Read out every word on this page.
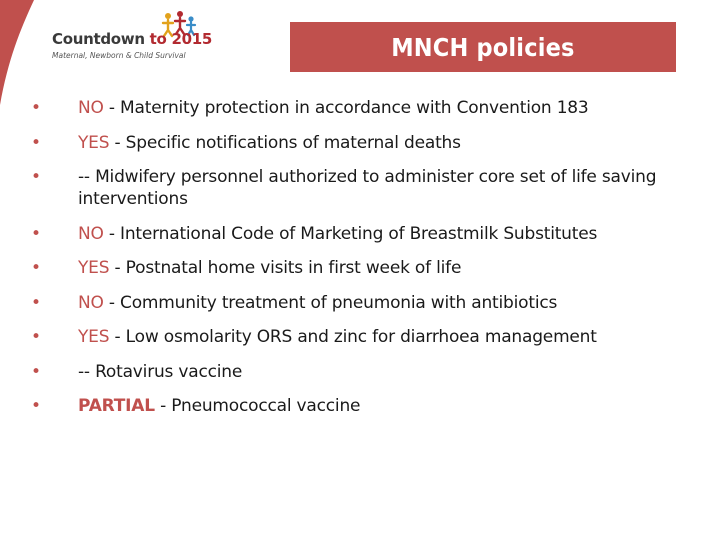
Countdown to 2015
Maternal, Newborn & Child Survival	MNCH policies
• NO - Maternity protection in accordance with Convention 183
• YES - Specific notifications of maternal deaths
• -- Midwifery personnel authorized to administer core set of life saving interventions
• NO - International Code of Marketing of Breastmilk Substitutes
• YES - Postnatal home visits in first week of life
• NO - Community treatment of pneumonia with antibiotics
• YES - Low osmolarity ORS and zinc for diarrhoea management
• -- Rotavirus vaccine
• PARTIAL - Pneumococcal vaccine
